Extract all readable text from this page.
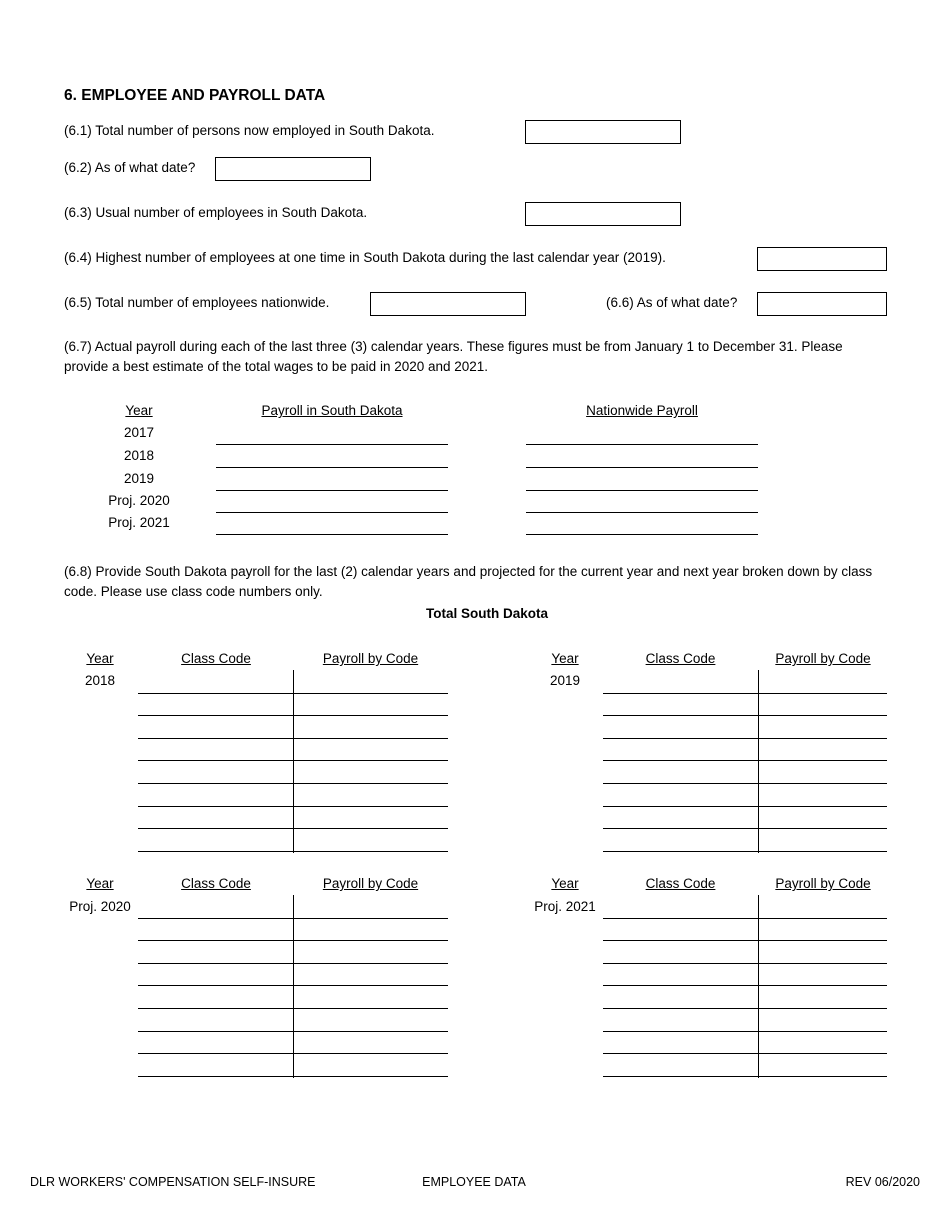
6. EMPLOYEE AND PAYROLL DATA
(6.1) Total number of persons now employed in South Dakota.
(6.2) As of what date?
(6.3) Usual number of employees in South Dakota.
(6.4) Highest number of employees at one time in South Dakota during the last calendar year (2019).
(6.5) Total number of employees nationwide.	(6.6) As of what date?
(6.7) Actual payroll during each of the last three (3) calendar years. These figures must be from January 1 to December 31. Please provide a best estimate of the total wages to be paid in 2020 and 2021.
Year	Payroll in South Dakota	Nationwide Payroll
2017
2018
2019
Proj. 2020
Proj. 2021
(6.8) Provide South Dakota payroll for the last (2) calendar years and projected for the current year and next year broken down by class code. Please use class code numbers only.
Total South Dakota
Year	Class Code	Payroll by Code
2018
Year	Class Code	Payroll by Code
2019
Year	Class Code	Payroll by Code
Proj. 2020
Year	Class Code	Payroll by Code
Proj. 2021
DLR WORKERS' COMPENSATION SELF-INSURE	EMPLOYEE DATA	REV 06/2020
